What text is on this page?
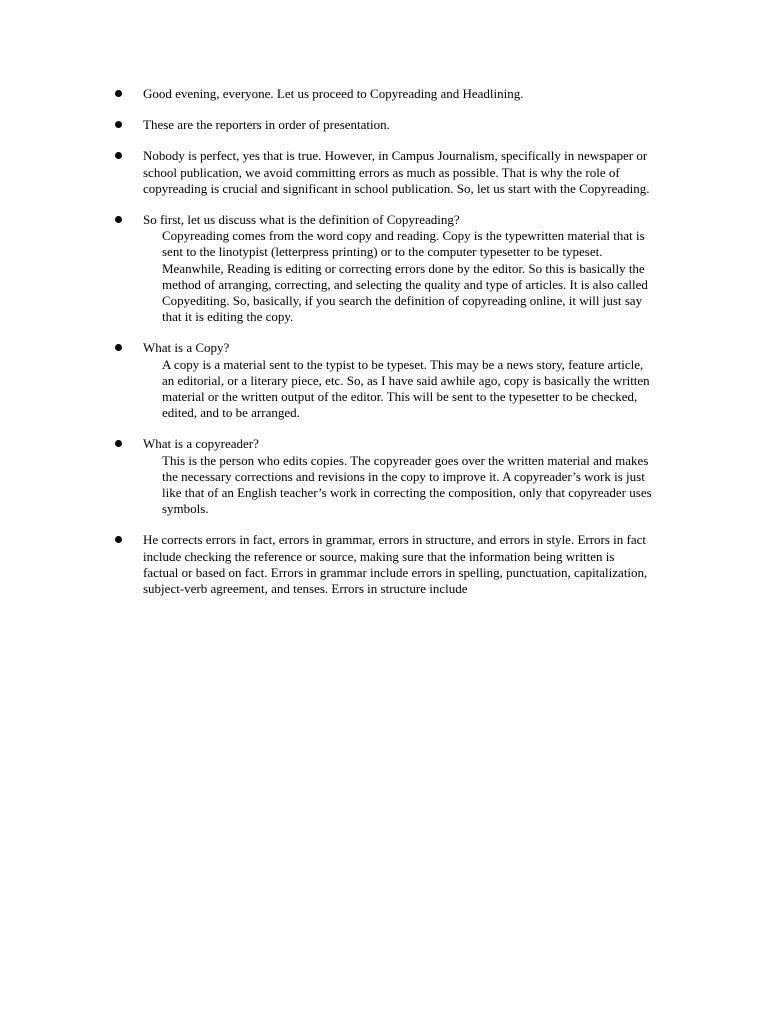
Good evening, everyone. Let us proceed to Copyreading and Headlining.
These are the reporters in order of presentation.
Nobody is perfect, yes that is true. However, in Campus Journalism, specifically in newspaper or school publication, we avoid committing errors as much as possible. That is why the role of copyreading is crucial and significant in school publication. So, let us start with the Copyreading.
So first, let us discuss what is the definition of Copyreading?
Copyreading comes from the word copy and reading. Copy is the typewritten material that is sent to the linotypist (letterpress printing) or to the computer typesetter to be typeset. Meanwhile, Reading is editing or correcting errors done by the editor. So this is basically the method of arranging, correcting, and selecting the quality and type of articles. It is also called Copyediting. So, basically, if you search the definition of copyreading online, it will just say that it is editing the copy.
What is a Copy?
A copy is a material sent to the typist to be typeset. This may be a news story, feature article, an editorial, or a literary piece, etc. So, as I have said awhile ago, copy is basically the written material or the written output of the editor. This will be sent to the typesetter to be checked, edited, and to be arranged.
What is a copyreader?
This is the person who edits copies. The copyreader goes over the written material and makes the necessary corrections and revisions in the copy to improve it. A copyreader’s work is just like that of an English teacher’s work in correcting the composition, only that copyreader uses symbols.
He corrects errors in fact, errors in grammar, errors in structure, and errors in style. Errors in fact include checking the reference or source, making sure that the information being written is factual or based on fact. Errors in grammar include errors in spelling, punctuation, capitalization, subject-verb agreement, and tenses. Errors in structure include
